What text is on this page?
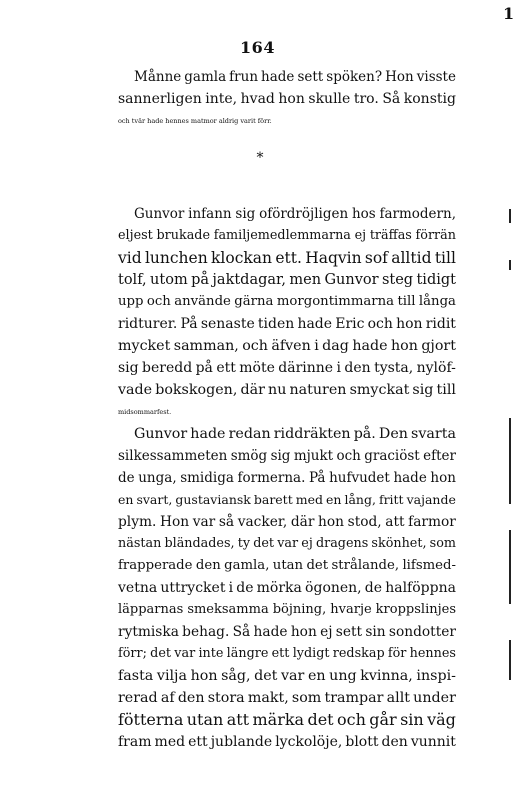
1
164
Månne gamla frun hade sett spöken? Hon visste
sannerligen inte, hvad hon skulle tro. Så konstig
och tvär hade hennes matmor aldrig varit förr.
Gunvor infann sig ofördröjligen hos farmodern,
eljest brukade familjemedlemmarna ej träffas förrän
vid lunchen klockan ett. Haqvin sof alltid till
tolf, utom på jaktdagar, men Gunvor steg tidigt
upp och använde gärna morgontimmarna till långa
ridturer. På senaste tiden hade Eric och hon ridit
mycket samman, och äfven i dag hade hon gjort
sig beredd på ett möte därinne i den tysta, nylöf-
vade bokskogen, där nu naturen smyckat sig till
midsommarfest.
Gunvor hade redan riddräkten på. Den svarta
silkessammeten smög sig mjukt och graciöst efter
de unga, smidiga formerna. På hufvudet hade hon
en svart, gustaviansk barett med en lång, fritt vajande
plym. Hon var så vacker, där hon stod, att farmor
nästan bländades, ty det var ej dragens skönhet, som
frapperade den gamla, utan det strålande, lifsmed-
vetna uttrycket i de mörka ögonen, de halföppna
läpparnas smeksamma böjning, hvarje kroppslinjes
rytmiska behag. Så hade hon ej sett sin sondotter
förr; det var inte längre ett lydigt redskap för hennes
fasta vilja hon såg, det var en ung kvinna, inspi-
rerad af den stora makt, som trampar allt under
fötterna utan att märka det och går sin väg
fram med ett jublande lyckolöje, blott den vunnit
*
